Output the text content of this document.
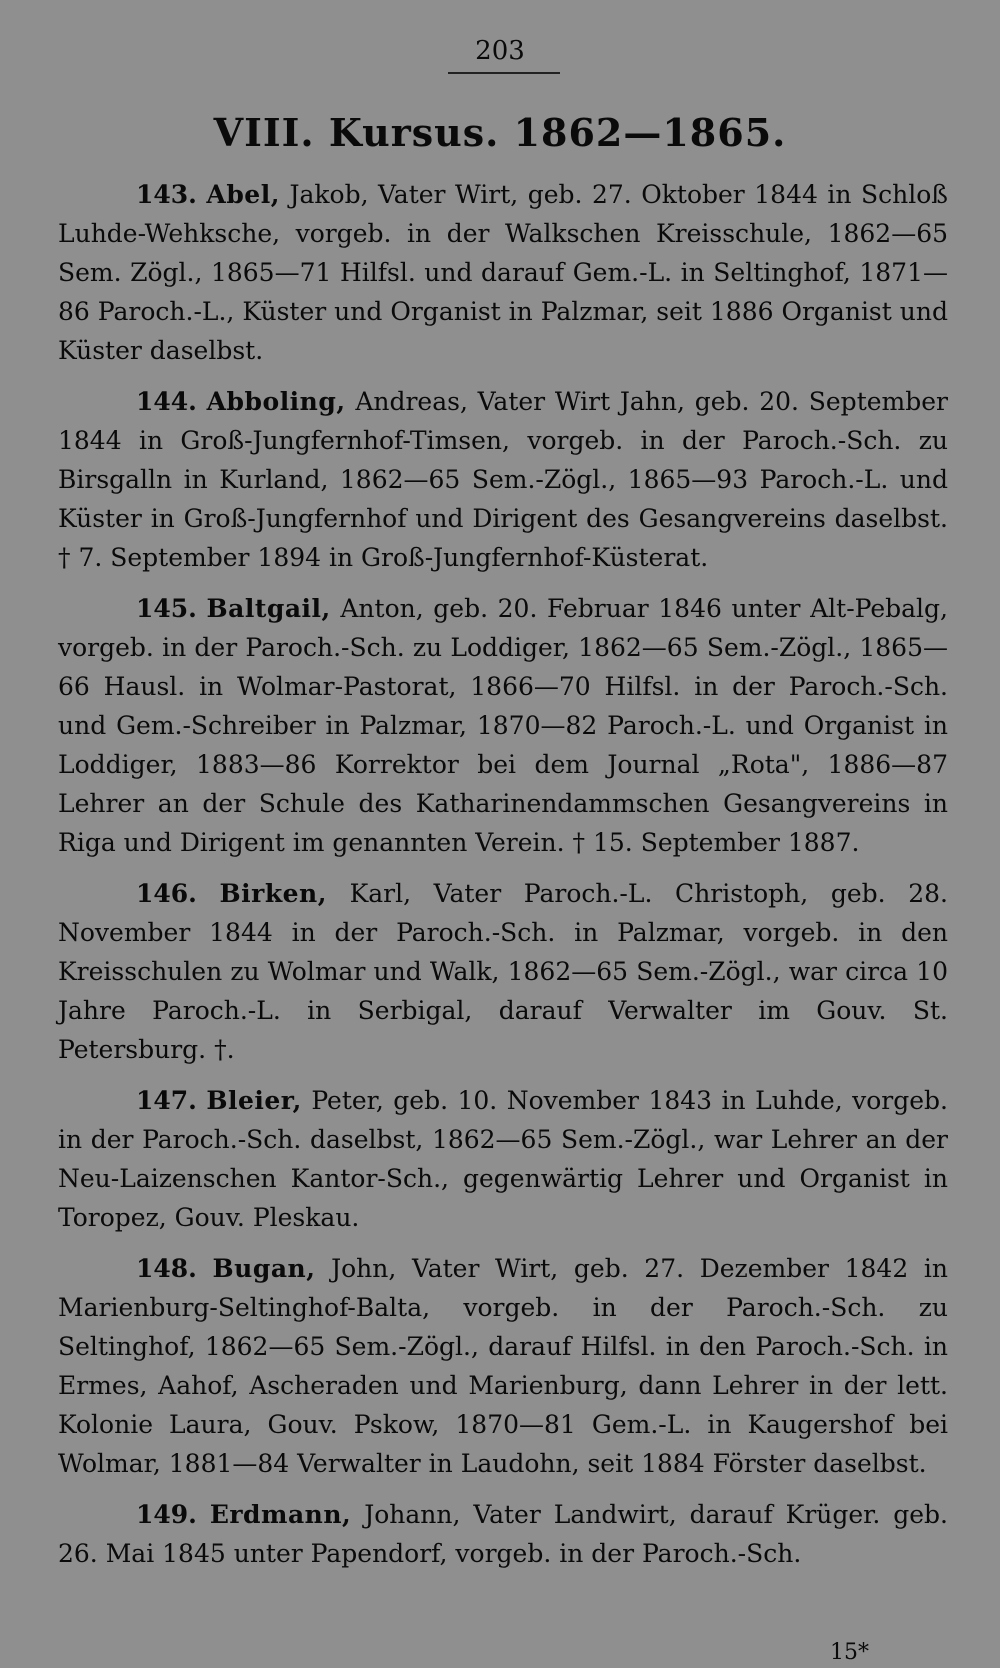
203
VIII. Kursus. 1862—1865.

143. Abel, Jakob, Vater Wirt, geb. 27. Oktober 1844 in Schloß Luhde-Wehksche, vorgeb. in der Walkschen Kreisschule, 1862—65 Sem. Zögl., 1865—71 Hilfsl. und darauf Gem.-L. in Seltinghof, 1871—86 Paroch.-L., Küster und Organist in Palzmar, seit 1886 Organist und Küster daselbst.

144. Abboling, Andreas, Vater Wirt Jahn, geb. 20. September 1844 in Groß-Jungfernhof-Timsen, vorgeb. in der Paroch.-Sch. zu Birsgalln in Kurland, 1862—65 Sem.-Zögl., 1865—93 Paroch.-L. und Küster in Groß-Jungfernhof und Dirigent des Gesangvereins daselbst. † 7. September 1894 in Groß-Jungfernhof-Küsterat.

145. Baltgail, Anton, geb. 20. Februar 1846 unter Alt-Pebalg, vorgeb. in der Paroch.-Sch. zu Loddiger, 1862—65 Sem.-Zögl., 1865—66 Hausl. in Wolmar-Pastorat, 1866—70 Hilfsl. in der Paroch.-Sch. und Gem.-Schreiber in Palzmar, 1870—82 Paroch.-L. und Organist in Loddiger, 1883—86 Korrektor bei dem Journal „Rota", 1886—87 Lehrer an der Schule des Katharinendammschen Gesangvereins in Riga und Dirigent im genannten Verein. † 15. September 1887.

146. Birken, Karl, Vater Paroch.-L. Christoph, geb. 28. November 1844 in der Paroch.-Sch. in Palzmar, vorgeb. in den Kreisschulen zu Wolmar und Walk, 1862—65 Sem.-Zögl., war circa 10 Jahre Paroch.-L. in Serbigal, darauf Verwalter im Gouv. St. Petersburg. †.

147. Bleier, Peter, geb. 10. November 1843 in Luhde, vorgeb. in der Paroch.-Sch. daselbst, 1862—65 Sem.-Zögl., war Lehrer an der Neu-Laizenschen Kantor-Sch., gegenwärtig Lehrer und Organist in Toropez, Gouv. Pleskau.

148. Bugan, John, Vater Wirt, geb. 27. Dezember 1842 in Marienburg-Seltinghof-Balta, vorgeb. in der Paroch.-Sch. zu Seltinghof, 1862—65 Sem.-Zögl., darauf Hilfsl. in den Paroch.-Sch. in Ermes, Aahof, Ascheraden und Marienburg, dann Lehrer in der lett. Kolonie Laura, Gouv. Pskow, 1870—81 Gem.-L. in Kaugershof bei Wolmar, 1881—84 Verwalter in Laudohn, seit 1884 Förster daselbst.

149. Erdmann, Johann, Vater Landwirt, darauf Krüger. geb. 26. Mai 1845 unter Papendorf, vorgeb. in der Paroch.-Sch.

15*
